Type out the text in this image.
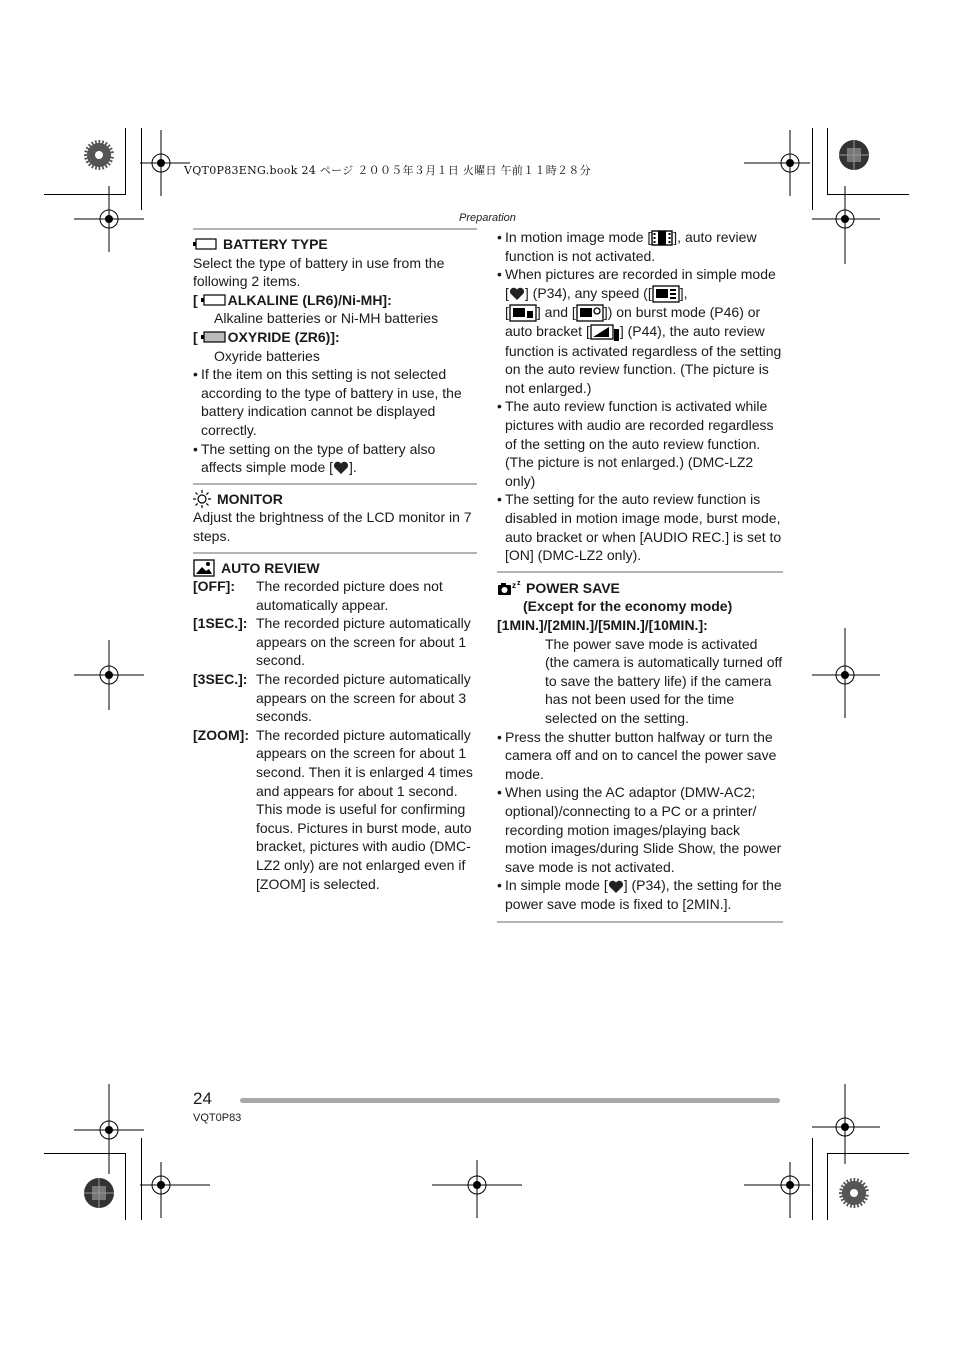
VQT0P83ENG.book 24 ページ ２００５年３月１日 火曜日 午前１１時２８分
Preparation
BATTERY TYPE
Select the type of battery in use from the following 2 items.
[ ALKALINE (LR6)/Ni-MH]:
Alkaline batteries or Ni-MH batteries
[ OXYRIDE (ZR6)]:
Oxyride batteries
• If the item on this setting is not selected according to the type of battery in use, the battery indication cannot be displayed correctly.
• The setting on the type of battery also affects simple mode [ ].
MONITOR
Adjust the brightness of the LCD monitor in 7 steps.
AUTO REVIEW
[OFF]:	The recorded picture does not automatically appear.
[1SEC.]: The recorded picture automatically appears on the screen for about 1 second.
[3SEC.]: The recorded picture automatically appears on the screen for about 3 seconds.
[ZOOM]: The recorded picture automatically appears on the screen for about 1 second. Then it is enlarged 4 times and appears for about 1 second. This mode is useful for confirming focus. Pictures in burst mode, auto bracket, pictures with audio (DMC-LZ2 only) are not enlarged even if [ZOOM] is selected.
• In motion image mode [ ], auto review function is not activated.
• When pictures are recorded in simple mode [ ] (P34), any speed ([ ],
[ ] and [ ]) on burst mode (P46) or auto bracket [ ] (P44), the auto review function is activated regardless of the setting on the auto review function. (The picture is not enlarged.)
• The auto review function is activated while pictures with audio are recorded regardless of the setting on the auto review function. (The picture is not enlarged.) (DMC-LZ2 only)
• The setting for the auto review function is disabled in motion image mode, burst mode, auto bracket or when [AUDIO REC.] is set to [ON] (DMC-LZ2 only).
z z POWER SAVE
(Except for the economy mode)
[1MIN.]/[2MIN.]/[5MIN.]/[10MIN.]:
The power save mode is activated (the camera is automatically turned off to save the battery life) if the camera has not been used for the time selected on the setting.
• Press the shutter button halfway or turn the camera off and on to cancel the power save mode.
• When using the AC adaptor (DMW-AC2; optional)/connecting to a PC or a printer/ recording motion images/playing back motion images/during Slide Show, the power save mode is not activated.
• In simple mode [ ] (P34), the setting for the power save mode is fixed to [2MIN.].
24
VQT0P83
